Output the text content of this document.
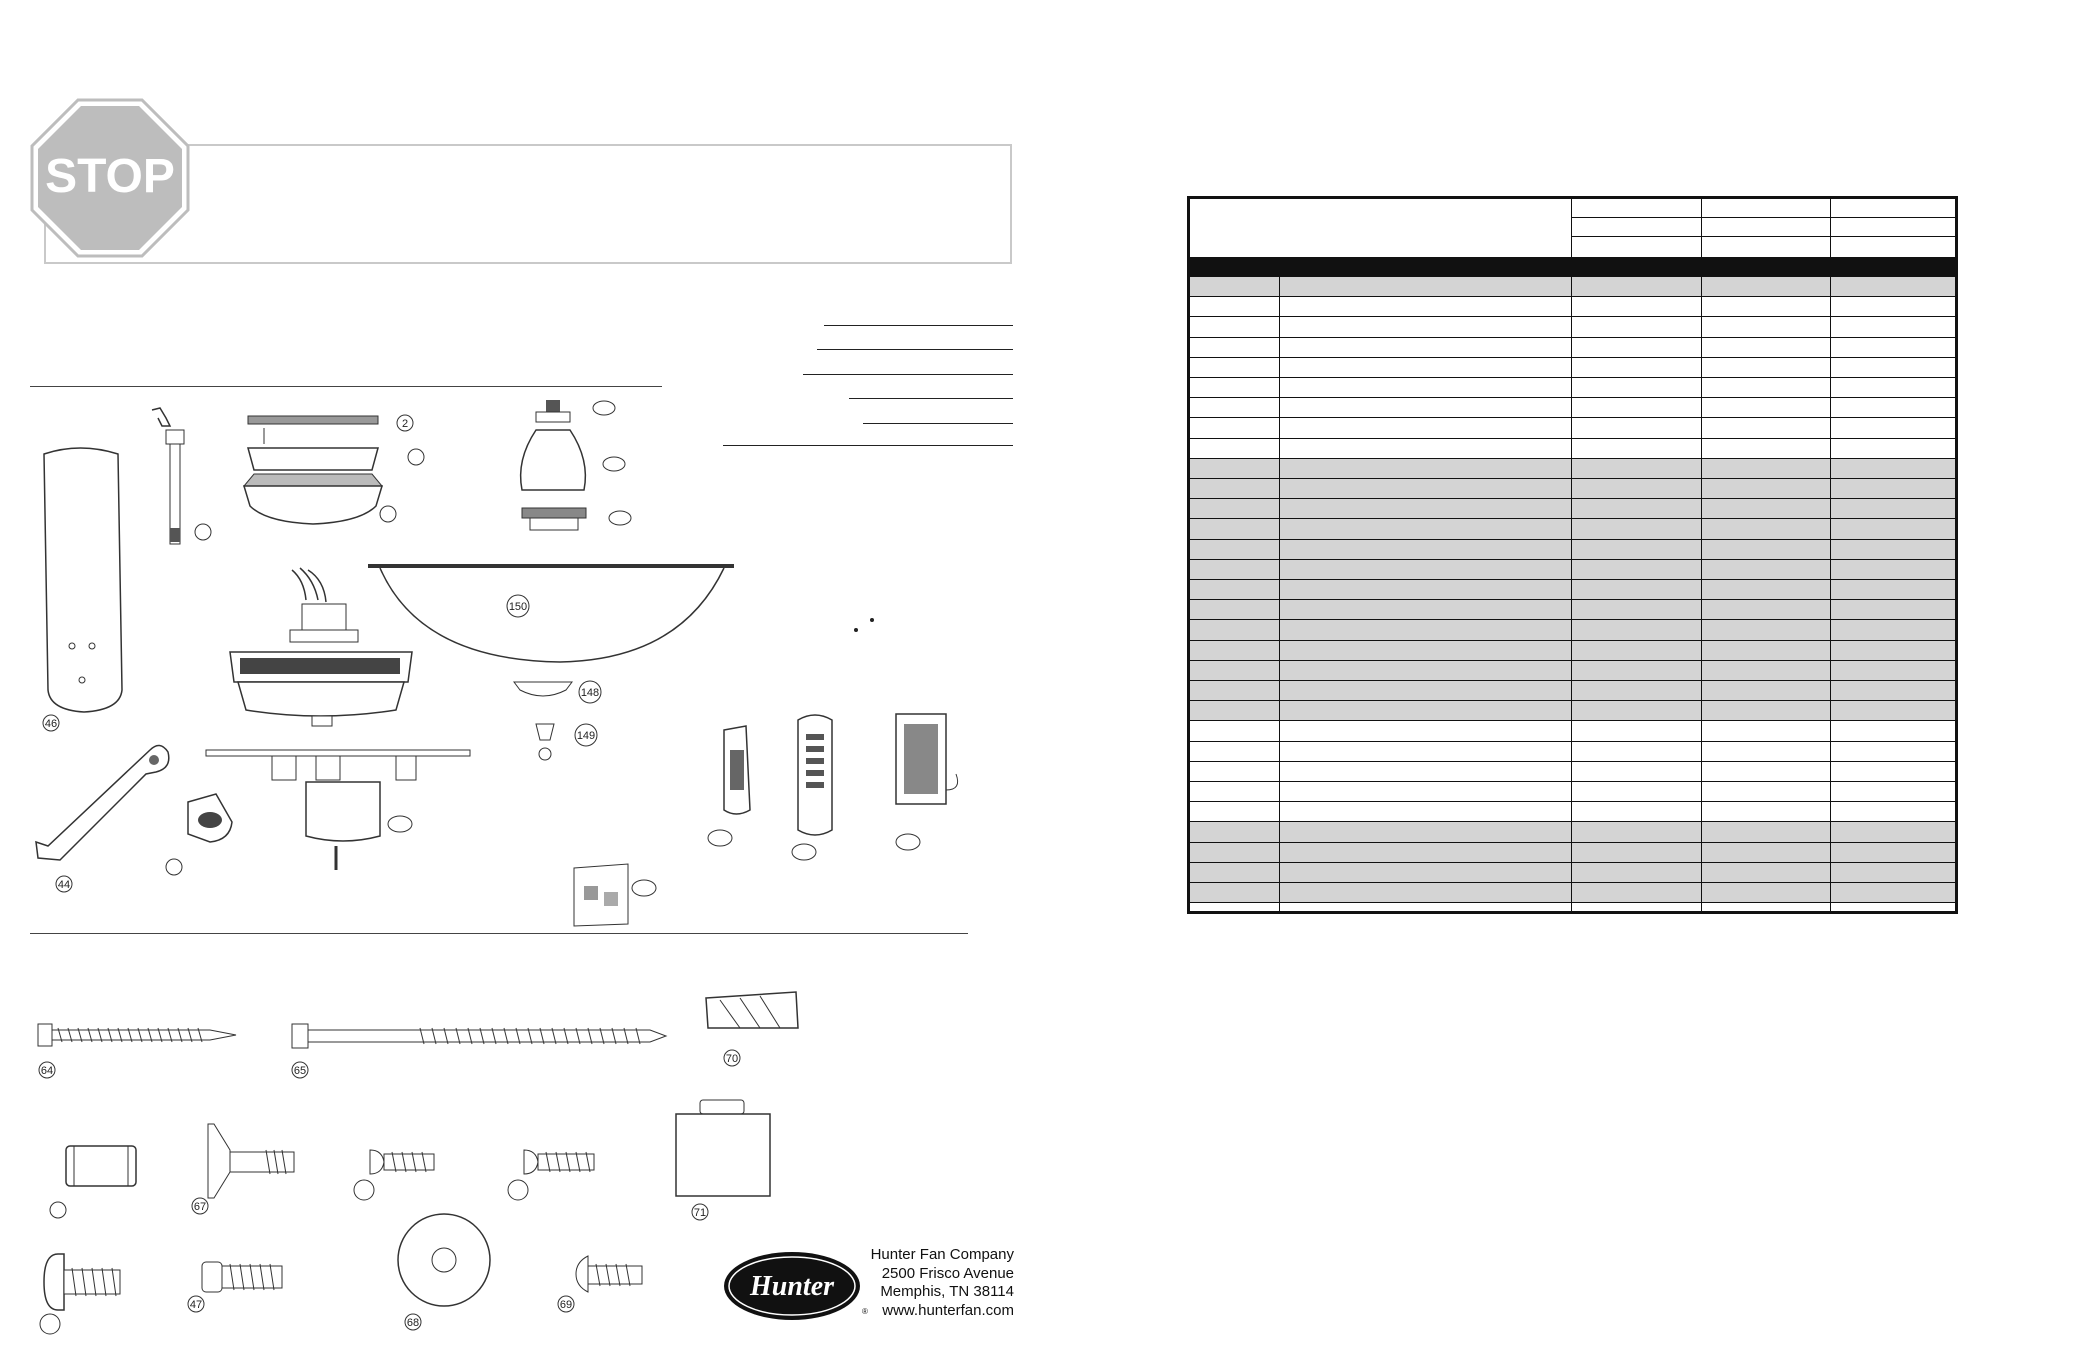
STOP
46
2
150
148
149
44
64	65
70
67	71
47
68
69
Hunter
®
Hunter Fan Company
2500 Frisco Avenue
Memphis, TN 38114
www.hunterfan.com
